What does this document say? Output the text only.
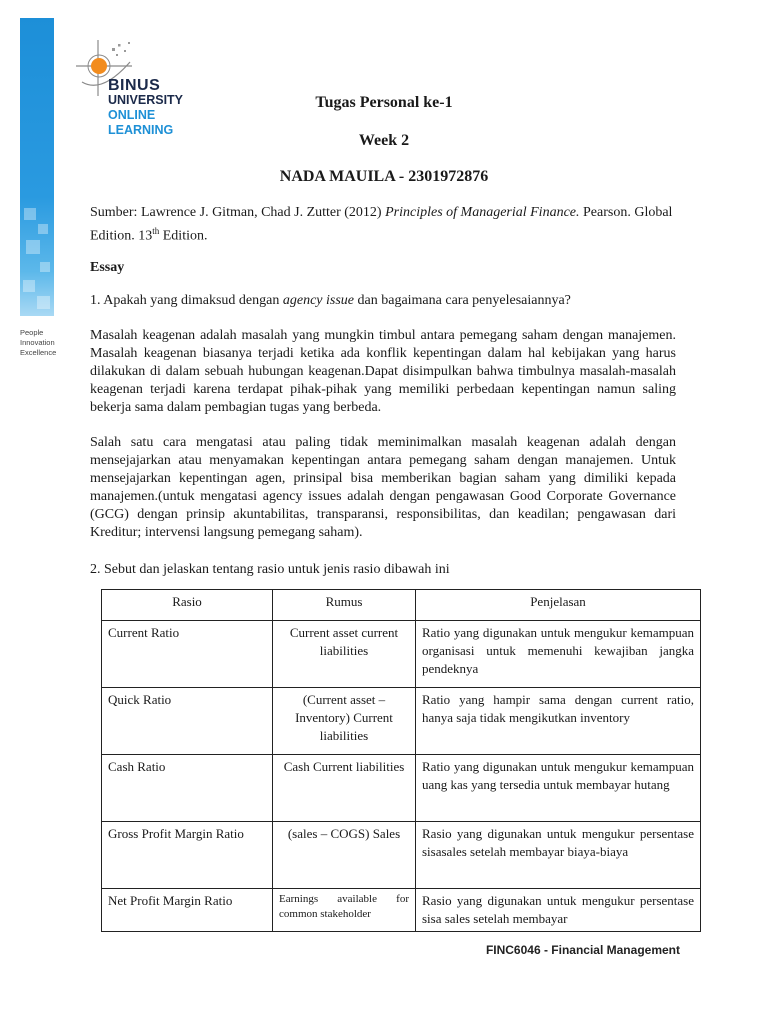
People
Innovation
Excellence
BINUS
UNIVERSITY
ONLINE
LEARNING
Tugas Personal ke-1
Week 2
NADA MAUILA - 2301972876
Sumber: Lawrence J. Gitman, Chad J. Zutter (2012) Principles of Managerial Finance. Pearson. Global Edition. 13th Edition.
Essay
1. Apakah yang dimaksud dengan agency issue dan bagaimana cara penyelesaiannya?
Masalah keagenan adalah masalah yang mungkin timbul antara pemegang saham dengan manajemen. Masalah keagenan biasanya terjadi ketika ada konflik kepentingan dalam hal kebijakan yang harus dilakukan di dalam sebuah hubungan keagenan.Dapat disimpulkan bahwa timbulnya masalah-masalah keagenan terjadi karena terdapat pihak-pihak yang memiliki perbedaan kepentingan namun saling bekerja sama dalam pembagian tugas yang berbeda.
Salah satu cara mengatasi atau paling tidak meminimalkan masalah keagenan adalah dengan mensejajarkan atau menyamakan kepentingan antara pemegang saham dengan manajemen. Untuk mensejajarkan kepentingan agen, prinsipal bisa memberikan bagian saham yang dimiliki kepada manajemen.(untuk mengatasi agency issues adalah dengan pengawasan Good Corporate Governance (GCG) dengan prinsip akuntabilitas, transparansi, responsibilitas, dan keadilan; pengawasan dari Kreditur; intervensi langsung pemegang saham).
2. Sebut dan jelaskan tentang rasio untuk jenis rasio dibawah ini
Rasio	Rumus	Penjelasan
Current Ratio	Current asset current liabilities	Ratio yang digunakan untuk mengukur kemampuan organisasi untuk memenuhi kewajiban jangka pendeknya
Quick Ratio	(Current asset – Inventory) Current liabilities	Ratio yang hampir sama dengan current ratio, hanya saja tidak mengikutkan inventory
Cash Ratio	Cash Current liabilities	Ratio yang digunakan untuk mengukur kemampuan uang kas yang tersedia untuk membayar hutang
Gross Profit Margin Ratio	(sales – COGS) Sales	Rasio yang digunakan untuk mengukur persentase sisasales setelah membayar biaya-biaya
Net Profit Margin Ratio	Earnings available for common stakeholder	Rasio yang digunakan untuk mengukur persentase sisa sales setelah membayar
FINC6046 - Financial Management
